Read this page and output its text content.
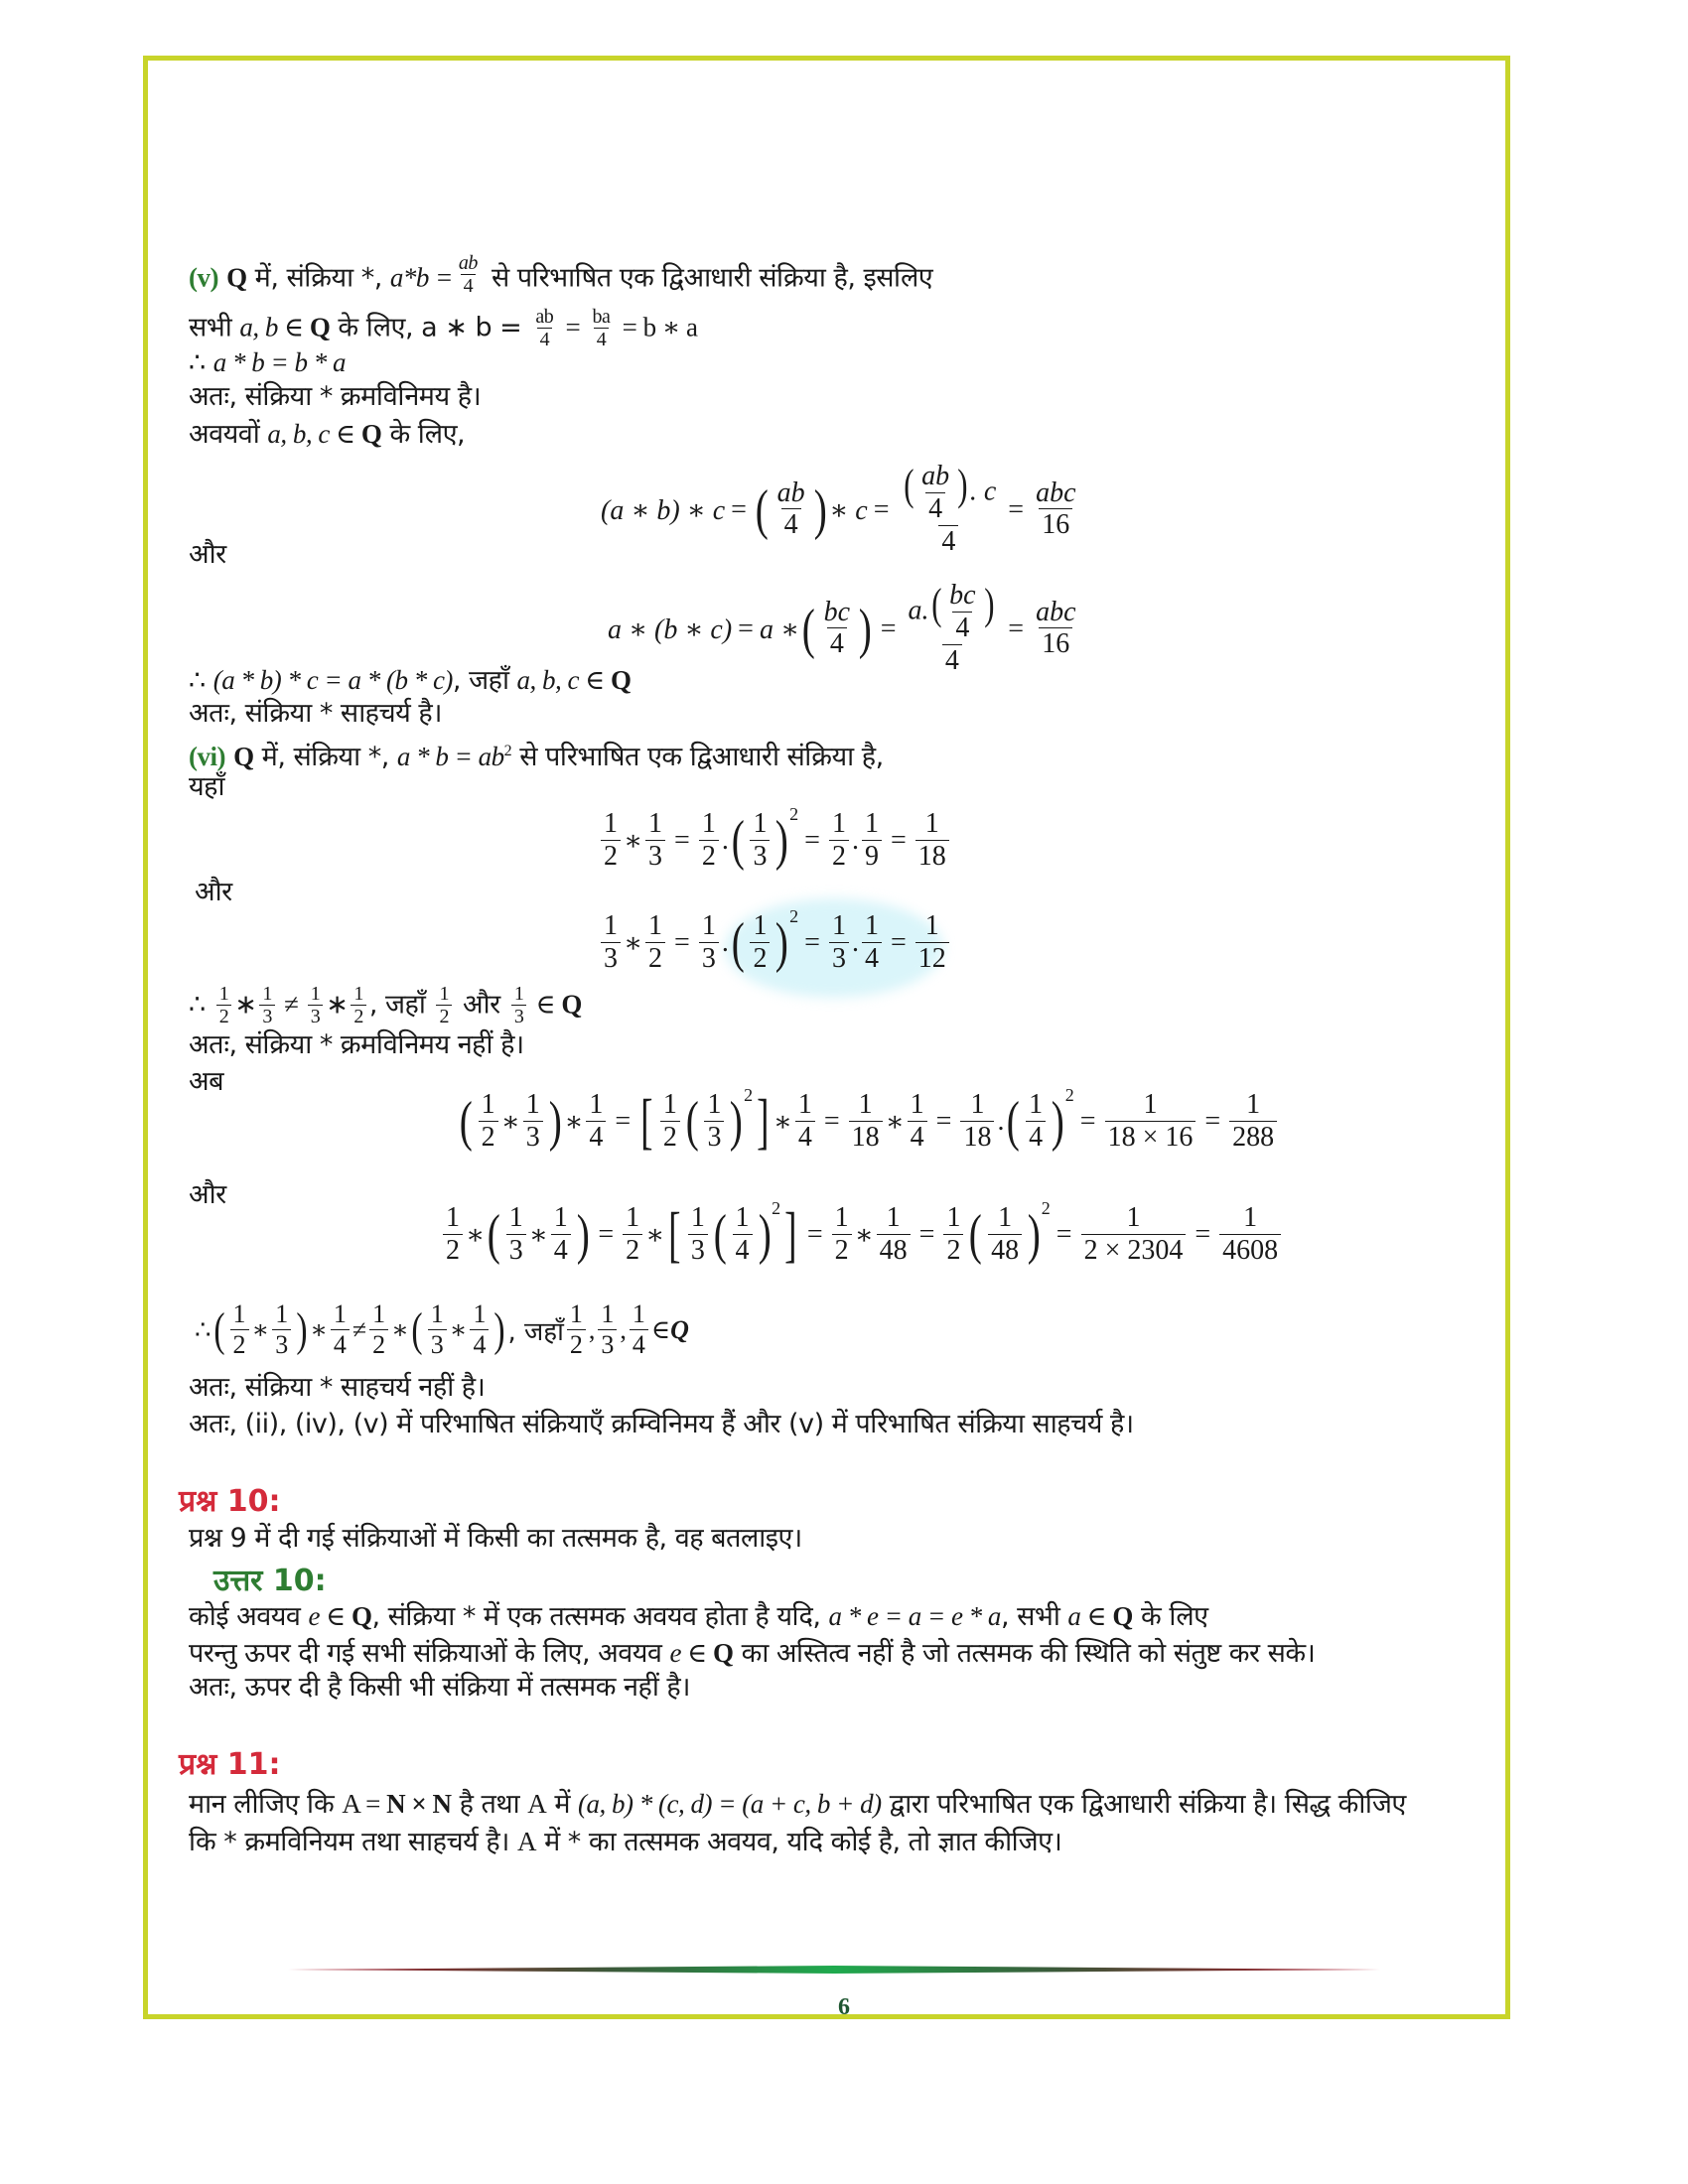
(v) Q में, संक्रिया *, $a*b = \frac{ab}{4}$ से परिभाषित एक द्विआधारी संक्रिया है, इसलिए
सभी a, b ∈ Q के लिए, a ∗ $b = \frac{ab}{4} = \frac{ba}{4} = b$ ∗ a
∴ a * b = b * a
अतः, संक्रिया * क्रमविनिमय है।
अवयवों a, b, c ∈ Q के लिए,
(a ∗ b) ∗ c = ( $\frac{ab}{4}$ ) ∗ $c = \frac{( \frac{ab}{4} ). c}{4} = \frac{\text{abc}}{16}$
और
a ∗ (b ∗ c) = a ∗ ( $\frac{bc}{4}$ ) = $\frac{a.( \frac{bc}{4} )}{4} = \frac{\text{abc}}{16}$
∴ (a * b) * c = a * (b * c), जहाँ a, b, c ∈ Q
अतः, संक्रिया * साहचर्य है।
(vi) Q में, संक्रिया *, $a * b = ab^2$ से परिभाषित एक द्विआधारी संक्रिया है,
यहाँ
$\frac{1}{2}$ ∗ $\frac{1}{3} = \frac{1}{2}$ . ( $\frac{1}{3}$ ) 2
= $\frac{1}{2}$ . $\frac{1}{9} = \frac{1}{18}$
और
$\frac{1}{3}$ ∗ $\frac{1}{2} = \frac{1}{3}$ . ( $\frac{1}{2}$ ) 2
= $\frac{1}{3}$ . $\frac{1}{4} = \frac{1}{12}$
∴ $\frac{1}{2}$ ∗ $\frac{1}{3} \ne \frac{1}{3}$ ∗ $\frac{1}{2}$ , जहाँ $\frac{1}{2}$ और $\frac{1}{3}$ ∈ Q
अतः, संक्रिया * क्रमविनिमय नहीं है।
अब
( $\frac{1}{2}$ ∗ $\frac{1}{3}$ ) ∗ $\frac{1}{4}$ = [ $\frac{1}{2}$ ( $\frac{1}{3}$ ) 2 ] ∗ $\frac{1}{4} = \frac{1}{18}$ ∗ $\frac{1}{4} = \frac{1}{18}$ . ( $\frac{1}{4}$ ) 2
= $\frac{1}{18 \times 16} = \frac{1}{288}$
और
$\frac{1}{2}$ ∗ ( $\frac{1}{3}$ ∗ $\frac{1}{4}$ ) = $\frac{1}{2}$ ∗ [ $\frac{1}{3}$ ( $\frac{1}{4}$ ) 2 ] = $\frac{1}{2}$ ∗ $\frac{1}{48} = \frac{1}{2}$ ( $\frac{1}{48}$ ) 2
= $\frac{1}{2 \times 2304} = \frac{1}{4608}$
∴ ( $\frac{1}{2}$ ∗ $\frac{1}{3}$ ) ∗ $\frac{1}{4} \ne \frac{1}{2}$ ∗ ( $\frac{1}{3}$ ∗ $\frac{1}{4}$ ) , जहाँ $\frac{1}{2}$ , $\frac{1}{3}$ , $\frac{1}{4}$ ∈ Q
अतः, संक्रिया * साहचर्य नहीं है।
अतः, (ii), (iv), (v) में परिभाषित संक्रियाएँ क्रम्विनिमय हैं और (v) में परिभाषित संक्रिया साहचर्य है।
प्रश्न 10:
प्रश्न 9 में दी गई संक्रियाओं में किसी का तत्समक है, वह बतलाइए।
उत्तर 10:
कोई अवयव e ∈ Q, संक्रिया * में एक तत्समक अवयव होता है यदि, a * e = a = e * a, सभी a ∈ Q के लिए
परन्तु ऊपर दी गई सभी संक्रियाओं के लिए, अवयव e ∈ Q का अस्तित्व नहीं है जो तत्समक की स्थिति को संतुष्ट कर सके।
अतः, ऊपर दी है किसी भी संक्रिया में तत्समक नहीं है।
प्रश्न 11:
मान लीजिए कि A = N × N है तथा A में (a, b) * (c, d) = (a + c, b + d) द्वारा परिभाषित एक द्विआधारी संक्रिया है। सिद्ध कीजिए
कि * क्रमविनियम तथा साहचर्य है। A में * का तत्समक अवयव, यदि कोई है, तो ज्ञात कीजिए।
6
